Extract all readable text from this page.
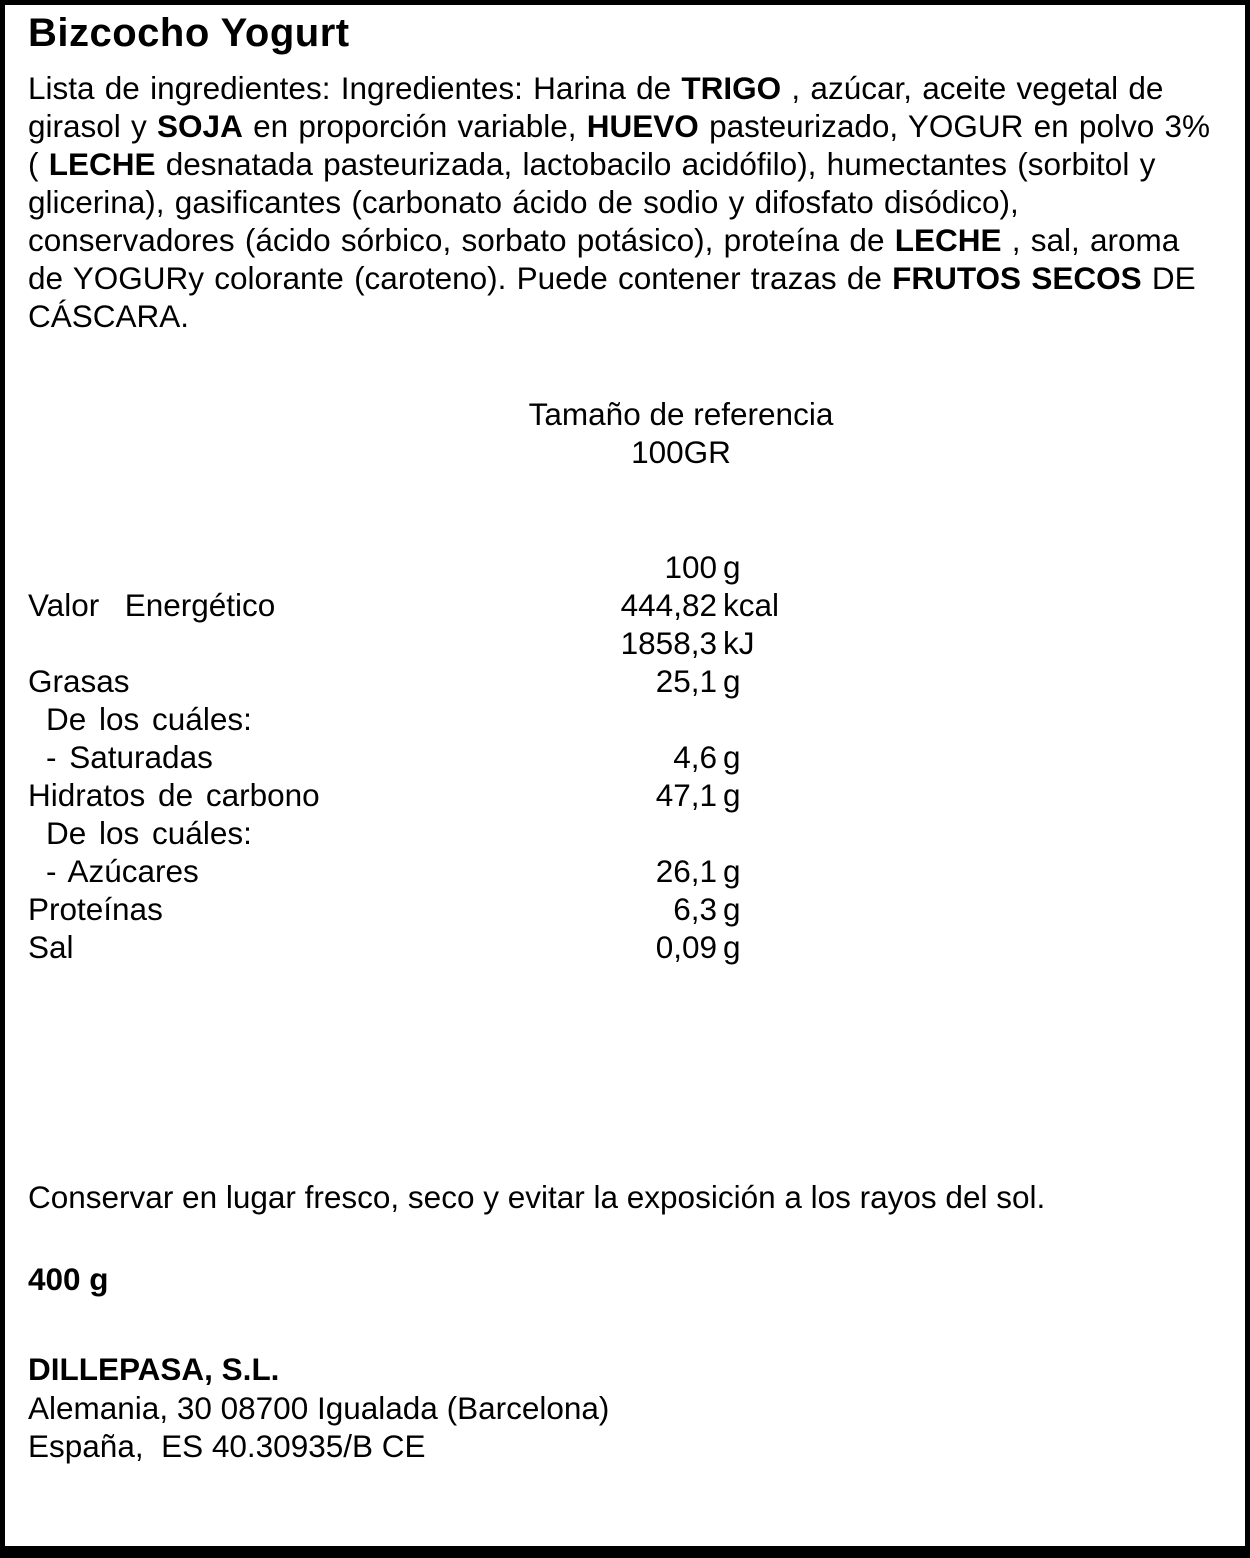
Bizcocho Yogurt

Lista de ingredientes: Ingredientes: Harina de TRIGO , azúcar, aceite vegetal de girasol y SOJA en proporción variable, HUEVO pasteurizado, YOGUR en polvo 3% ( LECHE desnatada pasteurizada, lactobacilo acidófilo), humectantes (sorbitol y glicerina), gasificantes (carbonato ácido de sodio y difosfato disódico), conservadores (ácido sórbico, sorbato potásico), proteína de LECHE , sal, aroma de YOGURy colorante (caroteno). Puede contener trazas de FRUTOS SECOS DE CÁSCARA.

Tamaño de referencia
100GR
100 g
Valor  Energético	444,82 kcal
1858,3 kJ
Grasas	25,1 g
De los cuáles:
- Saturadas	4,6 g
Hidratos de carbono	47,1 g
De los cuáles:
- Azúcares	26,1 g
Proteínas	6,3 g
Sal	0,09 g

Conservar en lugar fresco, seco y evitar la exposición a los rayos del sol.

400 g

DILLEPASA, S.L.
Alemania, 30 08700 Igualada (Barcelona)
España,  ES 40.30935/B CE
